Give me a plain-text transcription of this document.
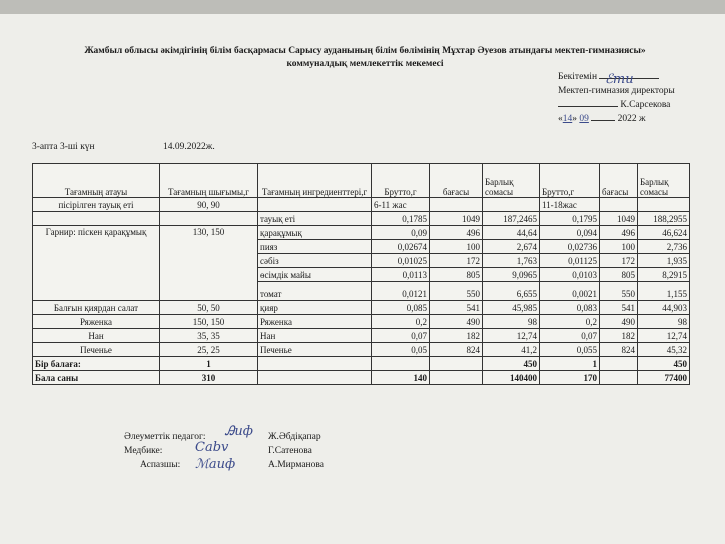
Жамбыл облысы әкімдігінің білім басқармасы Сарысу ауданының білім бөлімінің Мұхтар Әуезов атындағы мектеп-гимназиясы»
коммуналдық мемлекеттік мекемесі
Бекітемін
Мектеп-гимназия директоры
К.Сарсекова
«14» 09	2022 ж
ℰmu
3-апта 3-ші күн	14.09.2022ж.
Тағамның атауы	Тағамның шығымы,г	Тағамның ингредиенттері,г	Брутто,г	бағасы	Барлық сомасы	Брутто,г	бағасы	Барлық сомасы
пісірілген тауық еті	90, 90		6-11 жас			11-18жас		
		тауық еті	0,1785	1049	187,2465	0,1795	1049	188,2955
Гарнир: піскен қарақұмық	130, 150	қарақұмық	0,09	496	44,64	0,094	496	46,624
		пияз	0,02674	100	2,674	0,02736	100	2,736
		сәбіз	0,01025	172	1,763	0,01125	172	1,935
		өсімдік майы	0,0113	805	9,0965	0,0103	805	8,2915
		томат	0,0121	550	6,655	0,0021	550	1,155
Балғын қиярдан салат	50, 50	қияр	0,085	541	45,985	0,083	541	44,903
Ряженка	150, 150	Ряженка	0,2	490	98	0,2	490	98
Нан	35, 35	Нан	0,07	182	12,74	0,07	182	12,74
Печенье	25, 25	Печенье	0,05	824	41,2	0,055	824	45,32
Бір балаға:	1				450	1		450
Бала саны	310		140		140400	170		77400
Әлеуметтік педагог:
Медбике:
Аспазшы:
Ꭿиф
Cabv
ℳаиф
Ж.Әбдіқапар
Г.Сатенова
А.Мирманова
